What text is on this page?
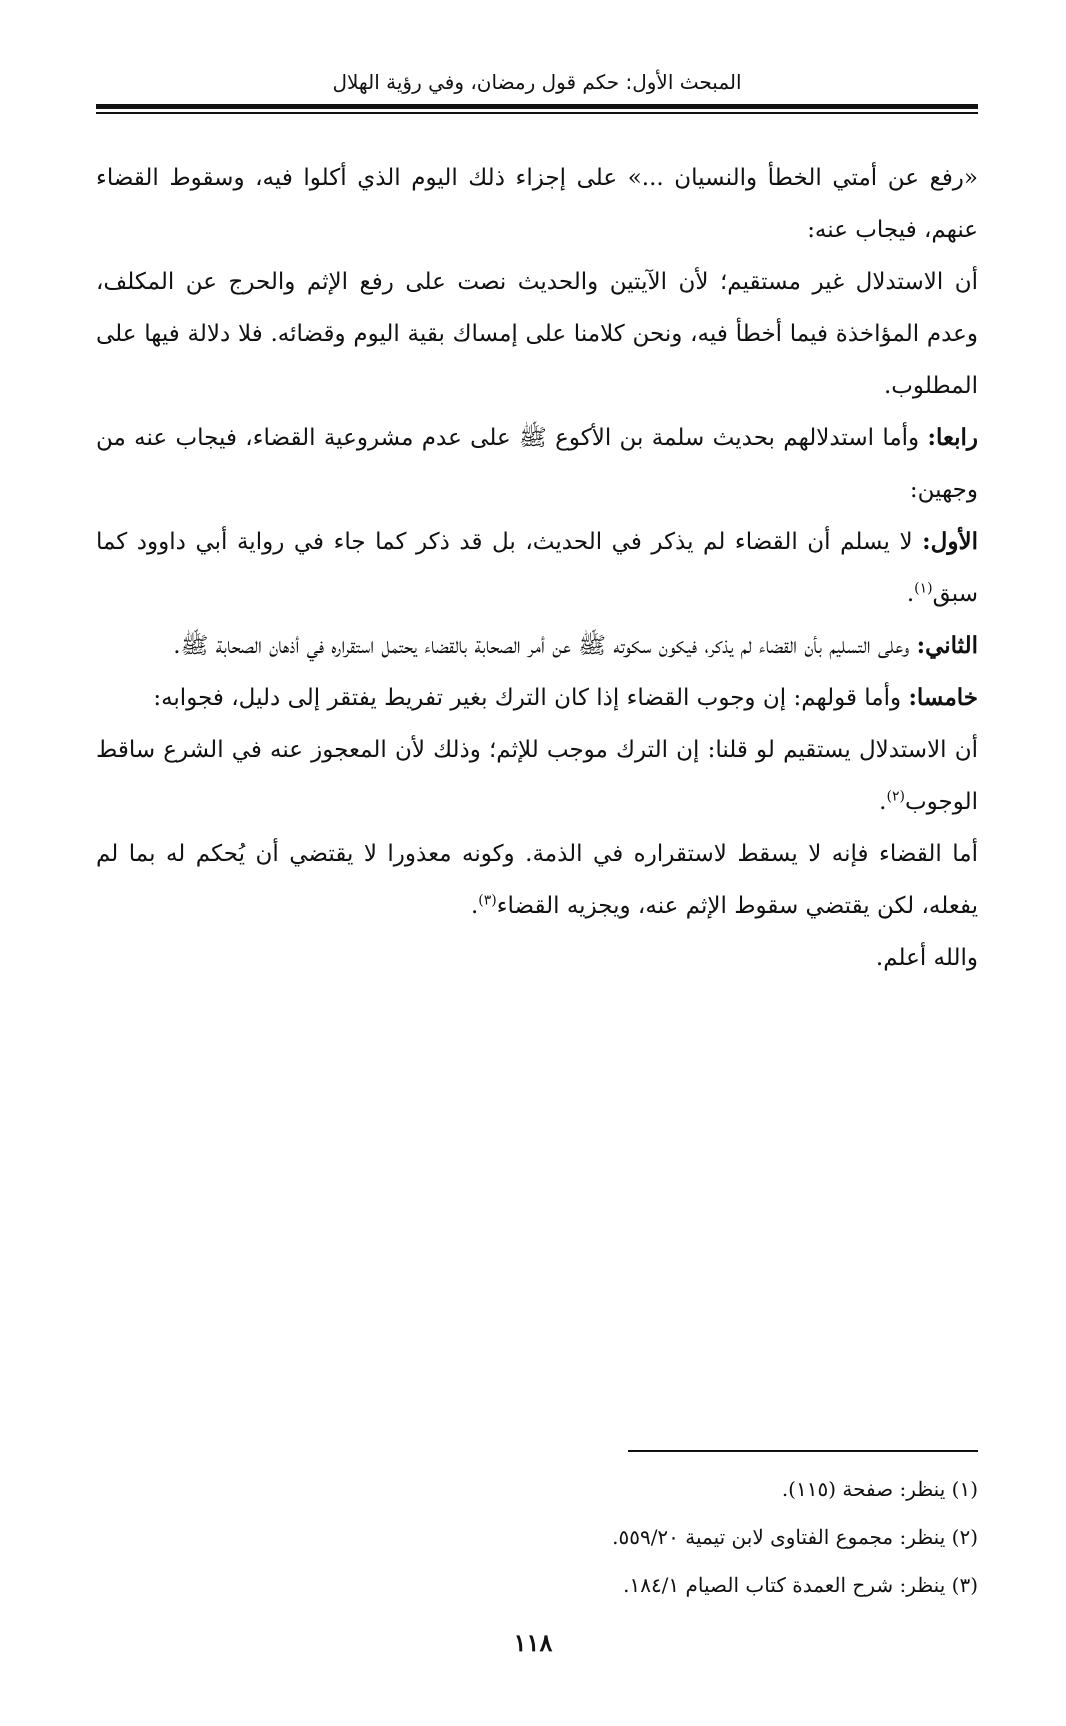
المبحث الأول: حكم قول رمضان، وفي رؤية الهلال

«رفع عن أمتي الخطأ والنسيان ...» على إجزاء ذلك اليوم الذي أكلوا فيه، وسقوط القضاء عنهم، فيجاب عنه:

أن الاستدلال غير مستقيم؛ لأن الآيتين والحديث نصت على رفع الإثم والحرج عن المكلف، وعدم المؤاخذة فيما أخطأ فيه، ونحن كلامنا على إمساك بقية اليوم وقضائه. فلا دلالة فيها على المطلوب.

رابعا: وأما استدلالهم بحديث سلمة بن الأكوع ﷺ على عدم مشروعية القضاء، فيجاب عنه من وجهين:

الأول: لا يسلم أن القضاء لم يذكر في الحديث، بل قد ذكر كما جاء في رواية أبي داوود كما سبق$^{(١)}$.

الثاني: وعلى التسليم بأن القضاء لم يذكر، فيكون سكوته ﷺ عن أمر الصحابة بالقضاء يحتمل استقراره في أذهان الصحابة ﷺ.

خامسا: وأما قولهم: إن وجوب القضاء إذا كان الترك بغير تفريط يفتقر إلى دليل، فجوابه:

أن الاستدلال يستقيم لو قلنا: إن الترك موجب للإثم؛ وذلك لأن المعجوز عنه في الشرع ساقط الوجوب$^{(٢)}$.

أما القضاء فإنه لا يسقط لاستقراره في الذمة. وكونه معذورا لا يقتضي أن يُحكم له بما لم يفعله، لكن يقتضي سقوط الإثم عنه، ويجزيه القضاء$^{(٣)}$.

والله أعلم.

(١) ينظر: صفحة (١١٥).

(٢) ينظر: مجموع الفتاوى لابن تيمية ٥٥٩/٢٠.

(٣) ينظر: شرح العمدة كتاب الصيام ١٨٤/١.

١١٨
